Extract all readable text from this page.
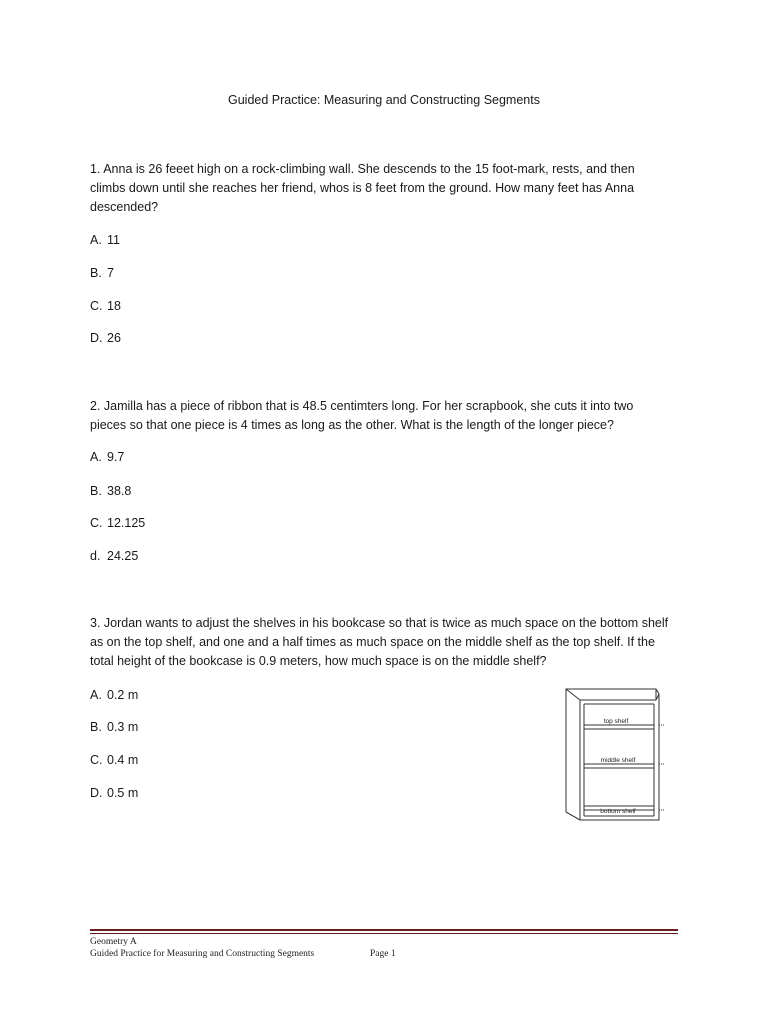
Guided Practice: Measuring and Constructing Segments
1. Anna is 26 feeet high on a rock-climbing wall. She descends to the 15 foot-mark, rests, and then climbs down until she reaches her friend, whos is 8 feet from the ground. How many feet has Anna descended?
A. 11
B. 7
C. 18
D. 26
2. Jamilla has a piece of ribbon that is 48.5 centimters long. For her scrapbook, she cuts it into two pieces so that one piece is 4 times as long as the other. What is the length of the longer piece?
A. 9.7
B. 38.8
C. 12.125
d. 24.25
3. Jordan wants to adjust the shelves in his bookcase so that is twice as much space on the bottom shelf as on the top shelf, and one and a half times as much space on the middle shelf as the top shelf. If the total height of the bookcase is 0.9 meters, how much space is on the middle shelf?
A. 0.2 m
B. 0.3 m
C. 0.4 m
D. 0.5 m
top shelf
middle shelf
bottom shelf
Geometry A
Guided Practice for Measuring and Constructing Segments	Page 1
